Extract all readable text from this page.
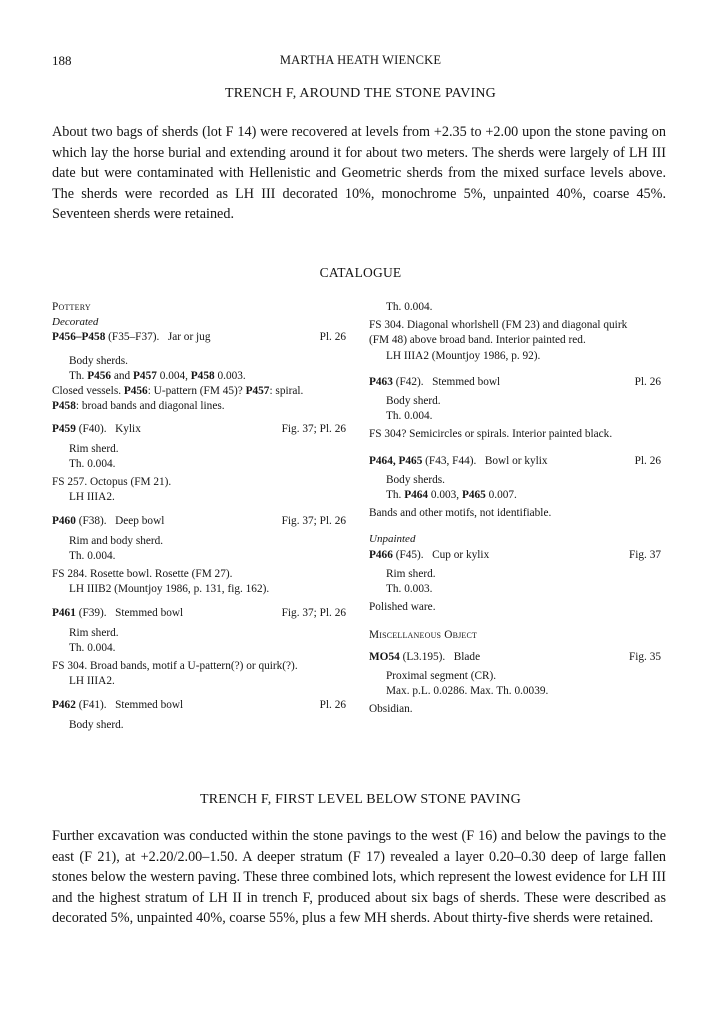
188	MARTHA HEATH WIENCKE
TRENCH F, AROUND THE STONE PAVING

About two bags of sherds (lot F 14) were recovered at levels from +2.35 to +2.00 upon the stone paving on which lay the horse burial and extending around it for about two meters. The sherds were largely of LH III date but were contaminated with Hellenistic and Geometric sherds from the mixed surface levels above. The sherds were recorded as LH III decorated 10%, monochrome 5%, unpainted 40%, coarse 45%. Seventeen sherds were retained.

CATALOGUE

Pottery

Decorated

P456–P458 (F35–F37). Jar or jug	Pl. 26

Body sherds.

Th. P456 and P457 0.004, P458 0.003.

Closed vessels. P456: U-pattern (FM 45)? P457: spiral.

P458: broad bands and diagonal lines.

P459 (F40). Kylix	Fig. 37; Pl. 26

Rim sherd.

Th. 0.004.

FS 257. Octopus (FM 21).

LH IIIA2.

P460 (F38). Deep bowl	Fig. 37; Pl. 26

Rim and body sherd.

Th. 0.004.

FS 284. Rosette bowl. Rosette (FM 27).

LH IIIB2 (Mountjoy 1986, p. 131, fig. 162).

P461 (F39). Stemmed bowl	Fig. 37; Pl. 26

Rim sherd.

Th. 0.004.

FS 304. Broad bands, motif a U-pattern(?) or quirk(?).

LH IIIA2.

P462 (F41). Stemmed bowl	Pl. 26

Body sherd.

Th. 0.004.

FS 304. Diagonal whorlshell (FM 23) and diagonal quirk

(FM 48) above broad band. Interior painted red.

LH IIIA2 (Mountjoy 1986, p. 92).

P463 (F42). Stemmed bowl	Pl. 26

Body sherd.

Th. 0.004.

FS 304? Semicircles or spirals. Interior painted black.

P464, P465 (F43, F44). Bowl or kylix	Pl. 26

Body sherds.

Th. P464 0.003, P465 0.007.

Bands and other motifs, not identifiable.

Unpainted

P466 (F45). Cup or kylix	Fig. 37

Rim sherd.

Th. 0.003.

Polished ware.

Miscellaneous Object

MO54 (L3.195). Blade	Fig. 35

Proximal segment (CR).

Max. p.L. 0.0286. Max. Th. 0.0039.

Obsidian.

TRENCH F, FIRST LEVEL BELOW STONE PAVING

Further excavation was conducted within the stone pavings to the west (F 16) and below the pavings to the east (F 21), at +2.20/2.00–1.50. A deeper stratum (F 17) revealed a layer 0.20–0.30 deep of large fallen stones below the western paving. These three combined lots, which represent the lowest evidence for LH III and the highest stratum of LH II in trench F, produced about six bags of sherds. These were described as decorated 5%, unpainted 40%, coarse 55%, plus a few MH sherds. About thirty-five sherds were retained.
